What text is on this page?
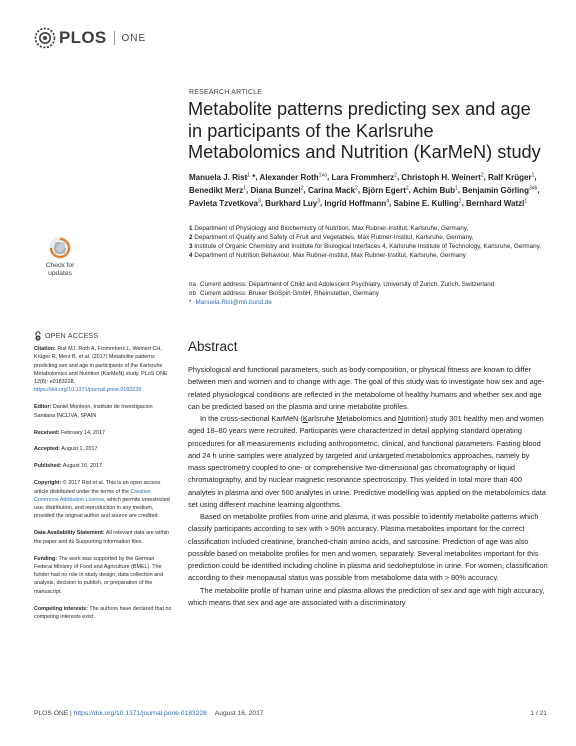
PLOS ONE
RESEARCH ARTICLE
Metabolite patterns predicting sex and age in participants of the Karlsruhe Metabolomics and Nutrition (KarMeN) study
Manuela J. Rist$^1$ *, Alexander Roth$^{1¤a}$, Lara Frommherz$^2$, Christoph H. Weinert$^2$, Ralf Krüger$^1$, Benedikt Merz$^1$, Diana Bunzel$^2$, Carina Mack$^2$, Björn Egert$^2$, Achim Bub$^1$, Benjamin Görling$^{3¤b}$, Pavleta Tzvetkova$^3$, Burkhard Luy$^3$, Ingrid Hoffmann$^4$, Sabine E. Kulling$^2$, Bernhard Watzl$^1$
1 Department of Physiology and Biochemistry of Nutrition, Max Rubner-Institut, Karlsruhe, Germany,
2 Department of Quality and Safety of Fruit and Vegetables, Max Rubner-Institut, Karlsruhe, Germany,
3 Institute of Organic Chemistry and Institute for Biological Interfaces 4, Karlsruhe Institute of Technology, Karlsruhe, Germany, 4 Department of Nutrition Behaviour, Max Rubner-Institut, Max Rubner-Institut, Karlsruhe, Germany
¤a Current address: Department of Child and Adolescent Psychiatry, University of Zurich, Zurich, Switzerland
¤b Current address: Bruker BioSpin GmbH, Rheinstetten, Germany
* Manuela.Rist@mri.bund.de
Check for
updates
OPEN ACCESS
Citation: Rist MJ, Roth A, Frommherz L, Weinert CH, Krüger R, Merz B, et al. (2017) Metabolite patterns predicting sex and age in participants of the Karlsruhe Metabolomics and Nutrition (KarMeN) study. PLoS ONE 12(8): e0183228. https://doi.org/10.1371/journal.pone.0183228
Editor: Daniel Monleon, Instituto de Investigacion Sanitaria INCLIVA, SPAIN
Received: February 14, 2017
Accepted: August 1, 2017
Published: August 16, 2017
Copyright: © 2017 Rist et al. This is an open access article distributed under the terms of the Creative Commons Attribution License, which permits unrestricted use, distribution, and reproduction in any medium, provided the original author and source are credited.
Data Availability Statement: All relevant data are within the paper and its Supporting Information files.
Funding: The work was supported by the German Federal Ministry of Food and Agriculture (BMEL). The funder had no role in study design, data collection and analysis, decision to publish, or preparation of the manuscript.
Competing interests: The authors have declared that no competing interests exist.
Abstract

Physiological and functional parameters, such as body composition, or physical fitness are known to differ between men and women and to change with age. The goal of this study was to investigate how sex and age-related physiological conditions are reflected in the metabolome of healthy humans and whether sex and age can be predicted based on the plasma and urine metabolite profiles.

In the cross-sectional KarMeN (Karlsruhe Metabolomics and Nutrition) study 301 healthy men and women aged 18–80 years were recruited. Participants were characterized in detail applying standard operating procedures for all measurements including anthropometric, clinical, and functional parameters. Fasting blood and 24 h urine samples were analyzed by targeted and untargeted metabolomics approaches, namely by mass spectrometry coupled to one- or comprehensive two-dimensional gas chromatography or liquid chromatography, and by nuclear magnetic resonance spectroscopy. This yielded in total more than 400 analytes in plasma and over 500 analytes in urine. Predictive modelling was applied on the metabolomics data set using different machine learning algorithms.

Based on metabolite profiles from urine and plasma, it was possible to identify metabolite patterns which classify participants according to sex with > 90% accuracy. Plasma metabolites important for the correct classification included creatinine, branched-chain amino acids, and sarcosine. Prediction of age was also possible based on metabolite profiles for men and women, separately. Several metabolites important for this prediction could be identified including choline in plasma and sedoheptulose in urine. For women, classification according to their menopausal status was possible from metabolome data with > 80% accuracy.

The metabolite profile of human urine and plasma allows the prediction of sex and age with high accuracy, which means that sex and age are associated with a discriminatory

PLOS ONE | https://doi.org/10.1371/journal.pone.0183228 August 16, 2017	1 / 21
